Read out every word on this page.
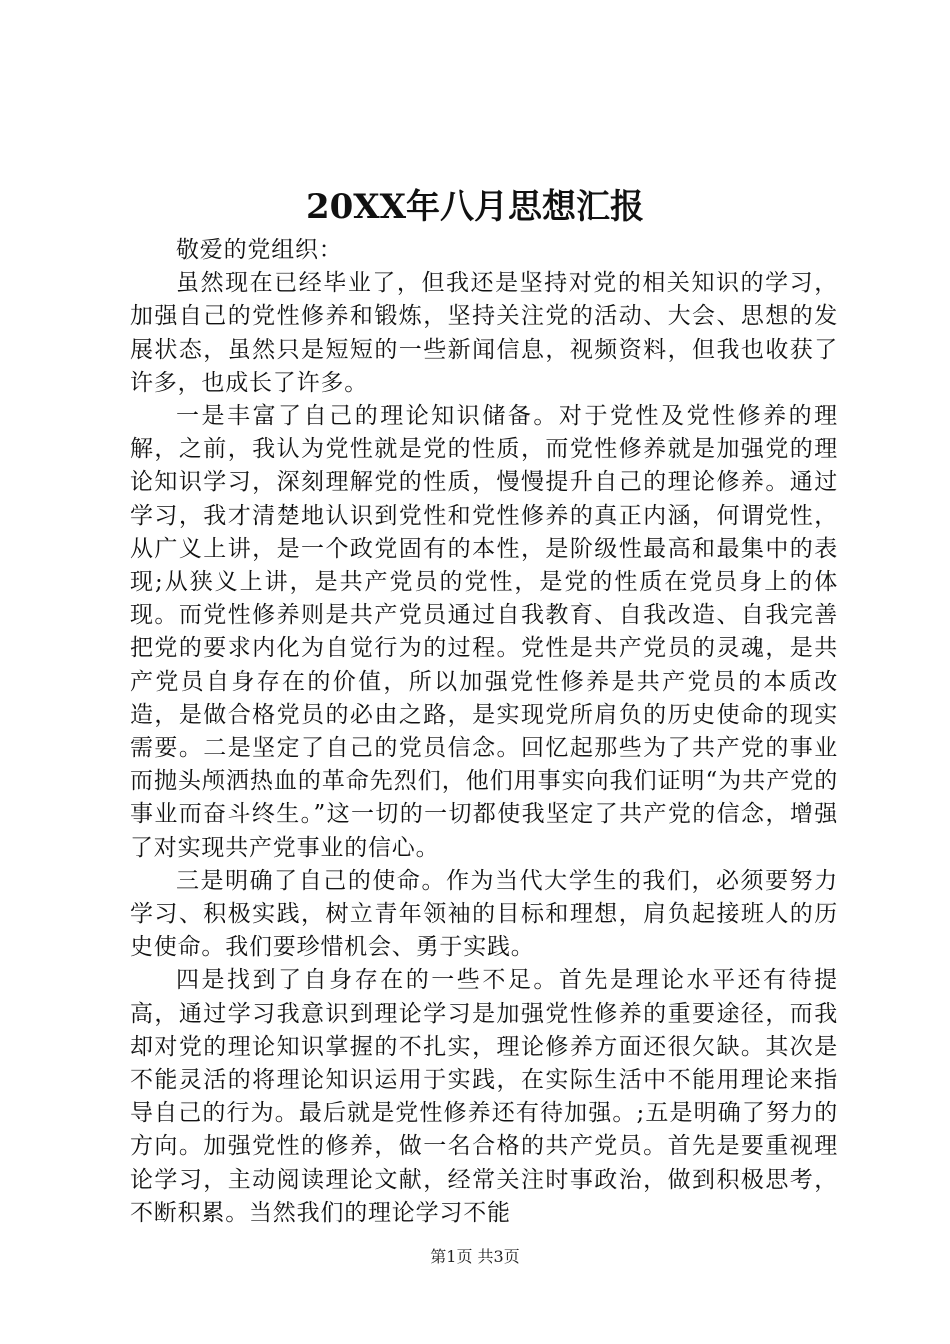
20XX年八月思想汇报

敬爱的党组织：

虽然现在已经毕业了，但我还是坚持对党的相关知识的学习，加强自己的党性修养和锻炼，坚持关注党的活动、大会、思想的发展状态，虽然只是短短的一些新闻信息，视频资料，但我也收获了许多，也成长了许多。

一是丰富了自己的理论知识储备。对于党性及党性修养的理解，之前，我认为党性就是党的性质，而党性修养就是加强党的理论知识学习，深刻理解党的性质，慢慢提升自己的理论修养。通过学习，我才清楚地认识到党性和党性修养的真正内涵，何谓党性，从广义上讲，是一个政党固有的本性，是阶级性最高和最集中的表现;从狭义上讲，是共产党员的党性，是党的性质在党员身上的体现。而党性修养则是共产党员通过自我教育、自我改造、自我完善把党的要求内化为自觉行为的过程。党性是共产党员的灵魂，是共产党员自身存在的价值，所以加强党性修养是共产党员的本质改造，是做合格党员的必由之路，是实现党所肩负的历史使命的现实需要。二是坚定了自己的党员信念。回忆起那些为了共产党的事业而抛头颅洒热血的革命先烈们，他们用事实向我们证明“为共产党的事业而奋斗终生。”这一切的一切都使我坚定了共产党的信念，增强了对实现共产党事业的信心。

三是明确了自己的使命。作为当代大学生的我们，必须要努力学习、积极实践，树立青年领袖的目标和理想，肩负起接班人的历史使命。我们要珍惜机会、勇于实践。

四是找到了自身存在的一些不足。首先是理论水平还有待提高，通过学习我意识到理论学习是加强党性修养的重要途径，而我却对党的理论知识掌握的不扎实，理论修养方面还很欠缺。其次是不能灵活的将理论知识运用于实践，在实际生活中不能用理论来指导自己的行为。最后就是党性修养还有待加强。;五是明确了努力的方向。加强党性的修养，做一名合格的共产党员。首先是要重视理论学习，主动阅读理论文献，经常关注时事政治，做到积极思考，不断积累。当然我们的理论学习不能

第1页 共3页
